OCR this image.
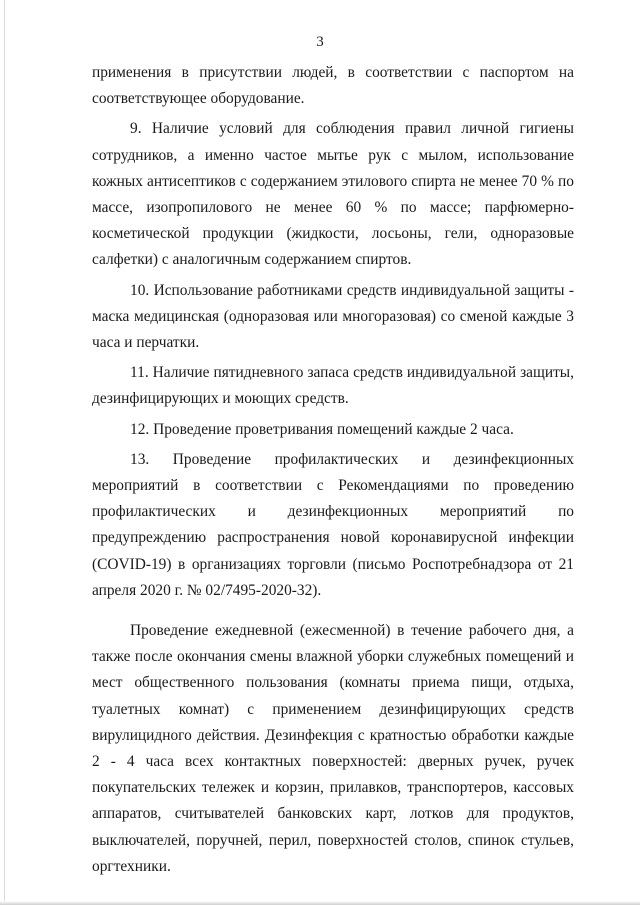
3

применения в присутствии людей, в соответствии с паспортом на соответствующее оборудование.

9. Наличие условий для соблюдения правил личной гигиены сотрудников, а именно частое мытье рук с мылом, использование кожных антисептиков с содержанием этилового спирта не менее 70 % по массе, изопропилового не менее 60 % по массе; парфюмерно-косметической продукции (жидкости, лосьоны, гели, одноразовые салфетки) с аналогичным содержанием спиртов.

10. Использование работниками средств индивидуальной защиты - маска медицинская (одноразовая или многоразовая) со сменой каждые 3 часа и перчатки.

11. Наличие пятидневного запаса средств индивидуальной защиты, дезинфицирующих и моющих средств.

12. Проведение проветривания помещений каждые 2 часа.

13. Проведение профилактических и дезинфекционных мероприятий в соответствии с Рекомендациями по проведению профилактических и дезинфекционных мероприятий по предупреждению распространения новой коронавирусной инфекции (COVID-19) в организациях торговли (письмо Роспотребнадзора от 21 апреля 2020 г. № 02/7495-2020-32).

Проведение ежедневной (ежесменной) в течение рабочего дня, а также после окончания смены влажной уборки служебных помещений и мест общественного пользования (комнаты приема пищи, отдыха, туалетных комнат) с применением дезинфицирующих средств вирулицидного действия. Дезинфекция с кратностью обработки каждые 2 - 4 часа всех контактных поверхностей: дверных ручек, ручек покупательских тележек и корзин, прилавков, транспортеров, кассовых аппаратов, считывателей банковских карт, лотков для продуктов, выключателей, поручней, перил, поверхностей столов, спинок стульев, оргтехники.
